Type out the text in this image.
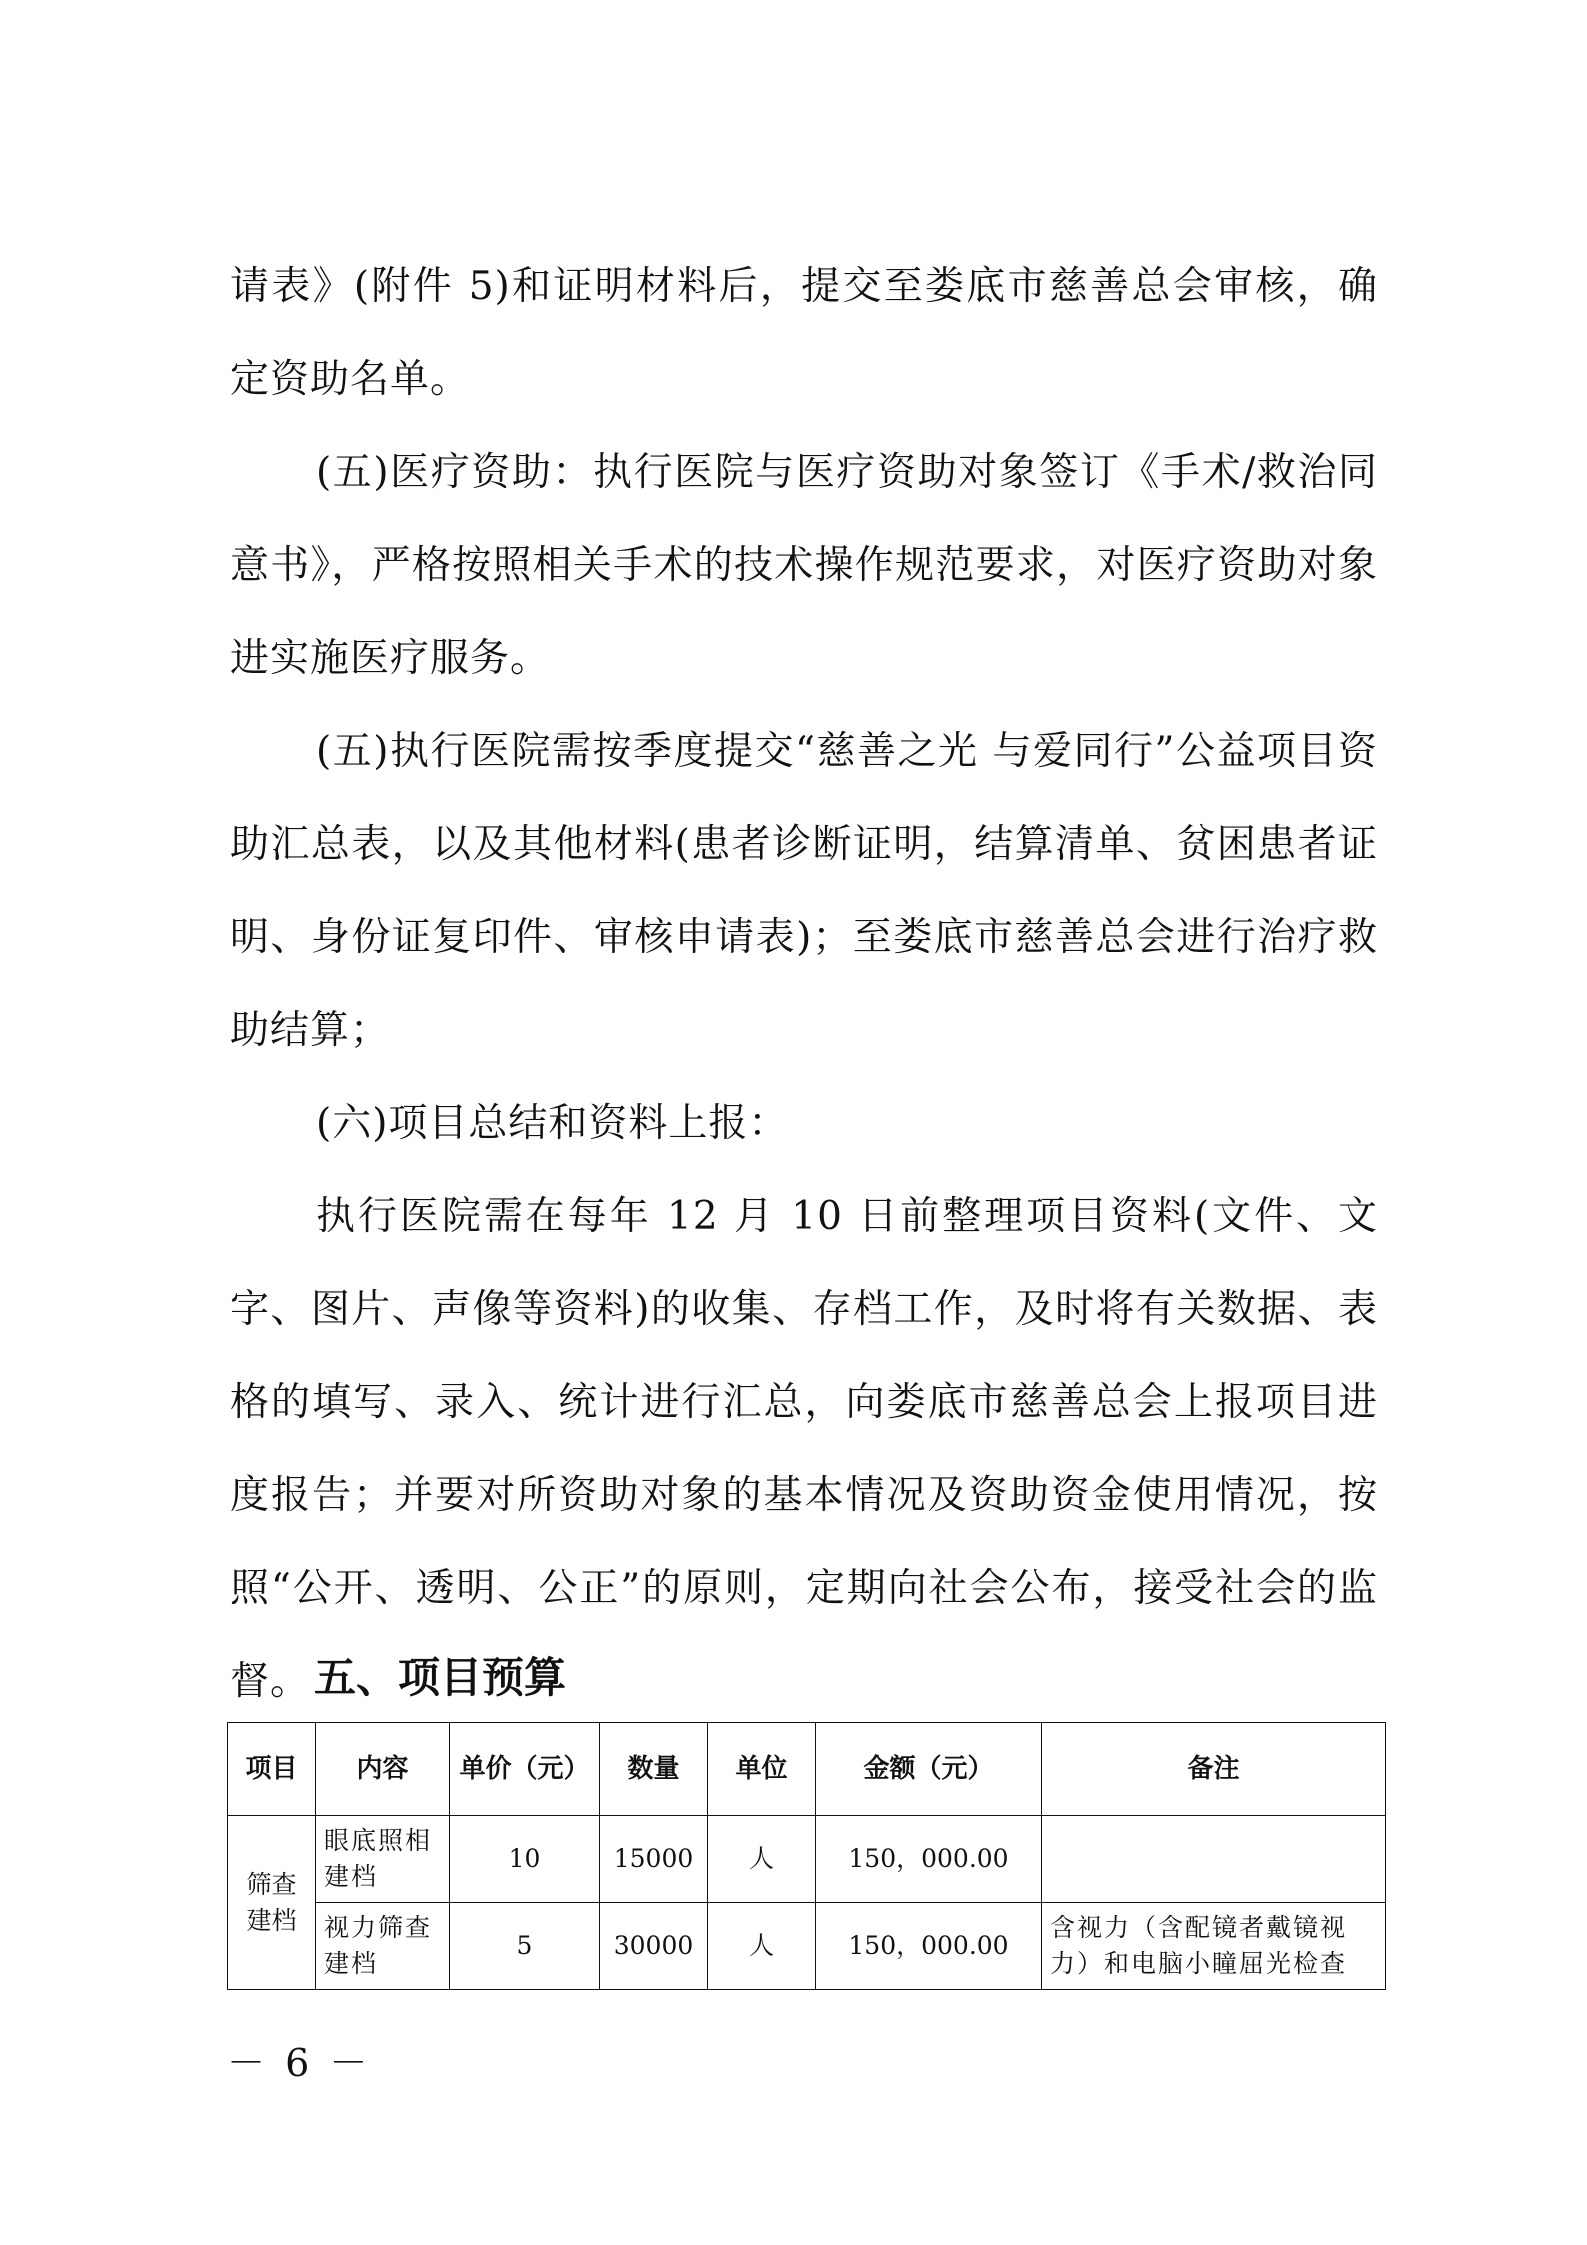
请表》(附件 5)和证明材料后，提交至娄底市慈善总会审核，确定资助名单。

(五)医疗资助：执行医院与医疗资助对象签订《手术/救治同意书》，严格按照相关手术的技术操作规范要求，对医疗资助对象进实施医疗服务。

(五)执行医院需按季度提交“慈善之光 与爱同行”公益项目资助汇总表，以及其他材料(患者诊断证明，结算清单、贫困患者证明、身份证复印件、审核申请表)；至娄底市慈善总会进行治疗救助结算；

(六)项目总结和资料上报：

执行医院需在每年 12 月 10 日前整理项目资料(文件、文字、图片、声像等资料)的收集、存档工作，及时将有关数据、表格的填写、录入、统计进行汇总，向娄底市慈善总会上报项目进度报告；并要对所资助对象的基本情况及资助资金使用情况，按照“公开、透明、公正”的原则，定期向社会公布，接受社会的监督。 五、项目预算

项目	内容	单价（元）	数量	单位	金额（元）	备注
筛查建档	眼底照相建档	10	15000	人	150，000.00	
	视力筛查建档	5	30000	人	150，000.00	含视力（含配镜者戴镜视力）和电脑小瞳屈光检查

－ 6 －
